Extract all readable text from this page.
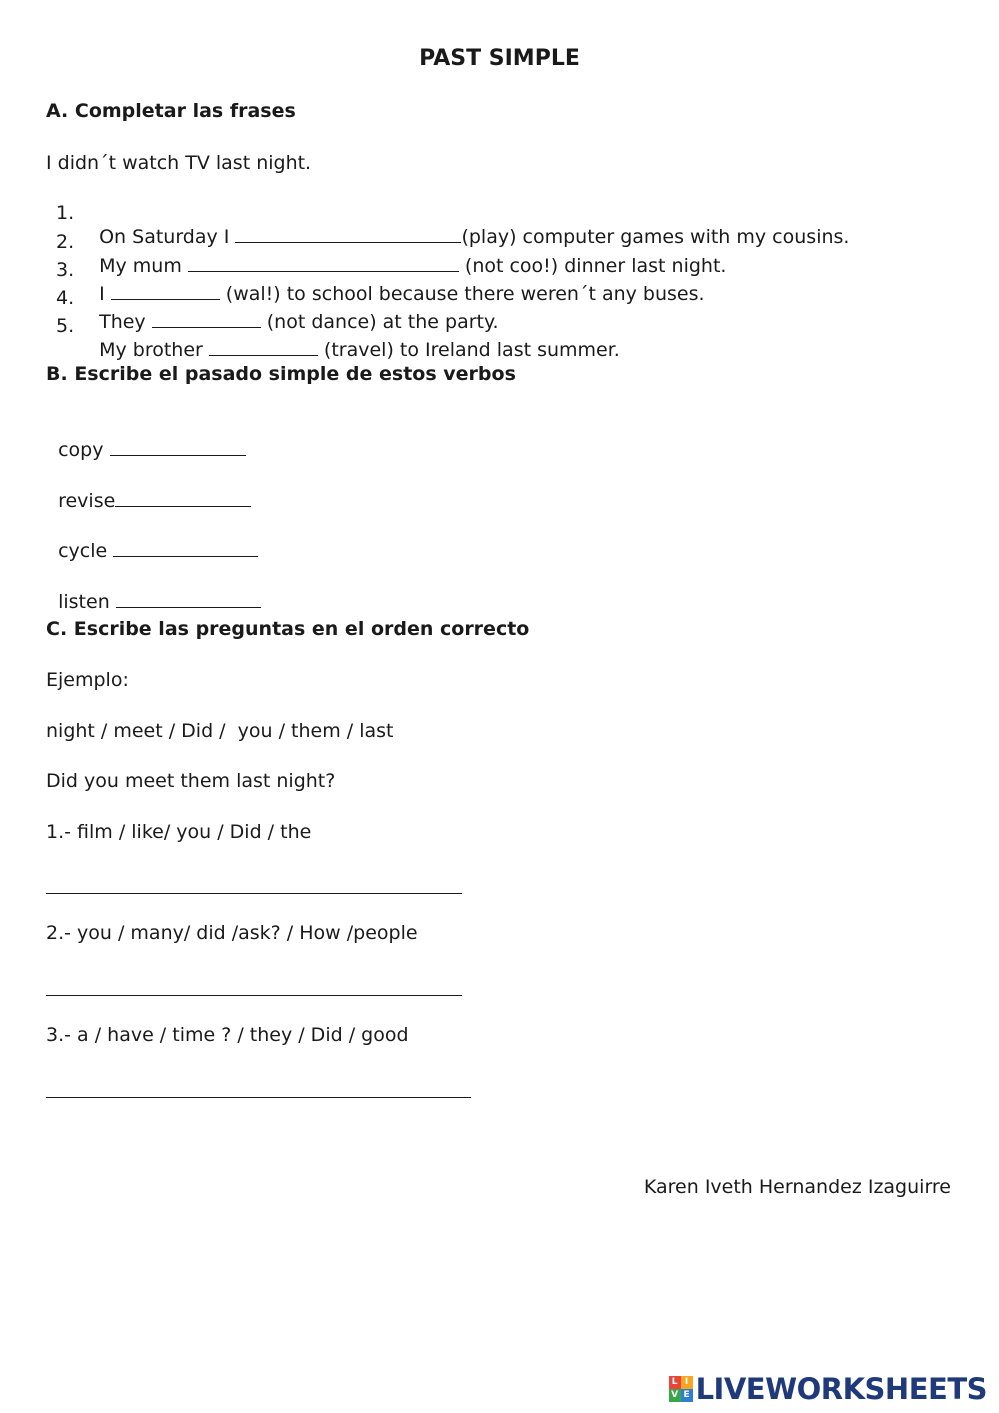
PAST SIMPLE
A. Completar las frases
I didn´t watch TV last night.
1.

On Saturday I	(play) computer games with my cousins.

2.

My mum	(not coo!) dinner last night.

3.

I	(wal!) to school because there weren´t any buses.

4.

They	(not dance) at the party.

5.

My brother	(travel) to Ireland last summer.

B. Escribe el pasado simple de estos verbos

copy

revise

cycle

listen

C. Escribe las preguntas en el orden correcto
Ejemplo:
night / meet / Did /  you / them / last
Did you meet them last night?
1.- film / like/ you / Did / the
2.- you / many/ did /ask? / How /people
3.- a / have / time ? / they / Did / good
Karen Iveth Hernandez Izaguirre
L I
V E LIVEWORKSHEETS
